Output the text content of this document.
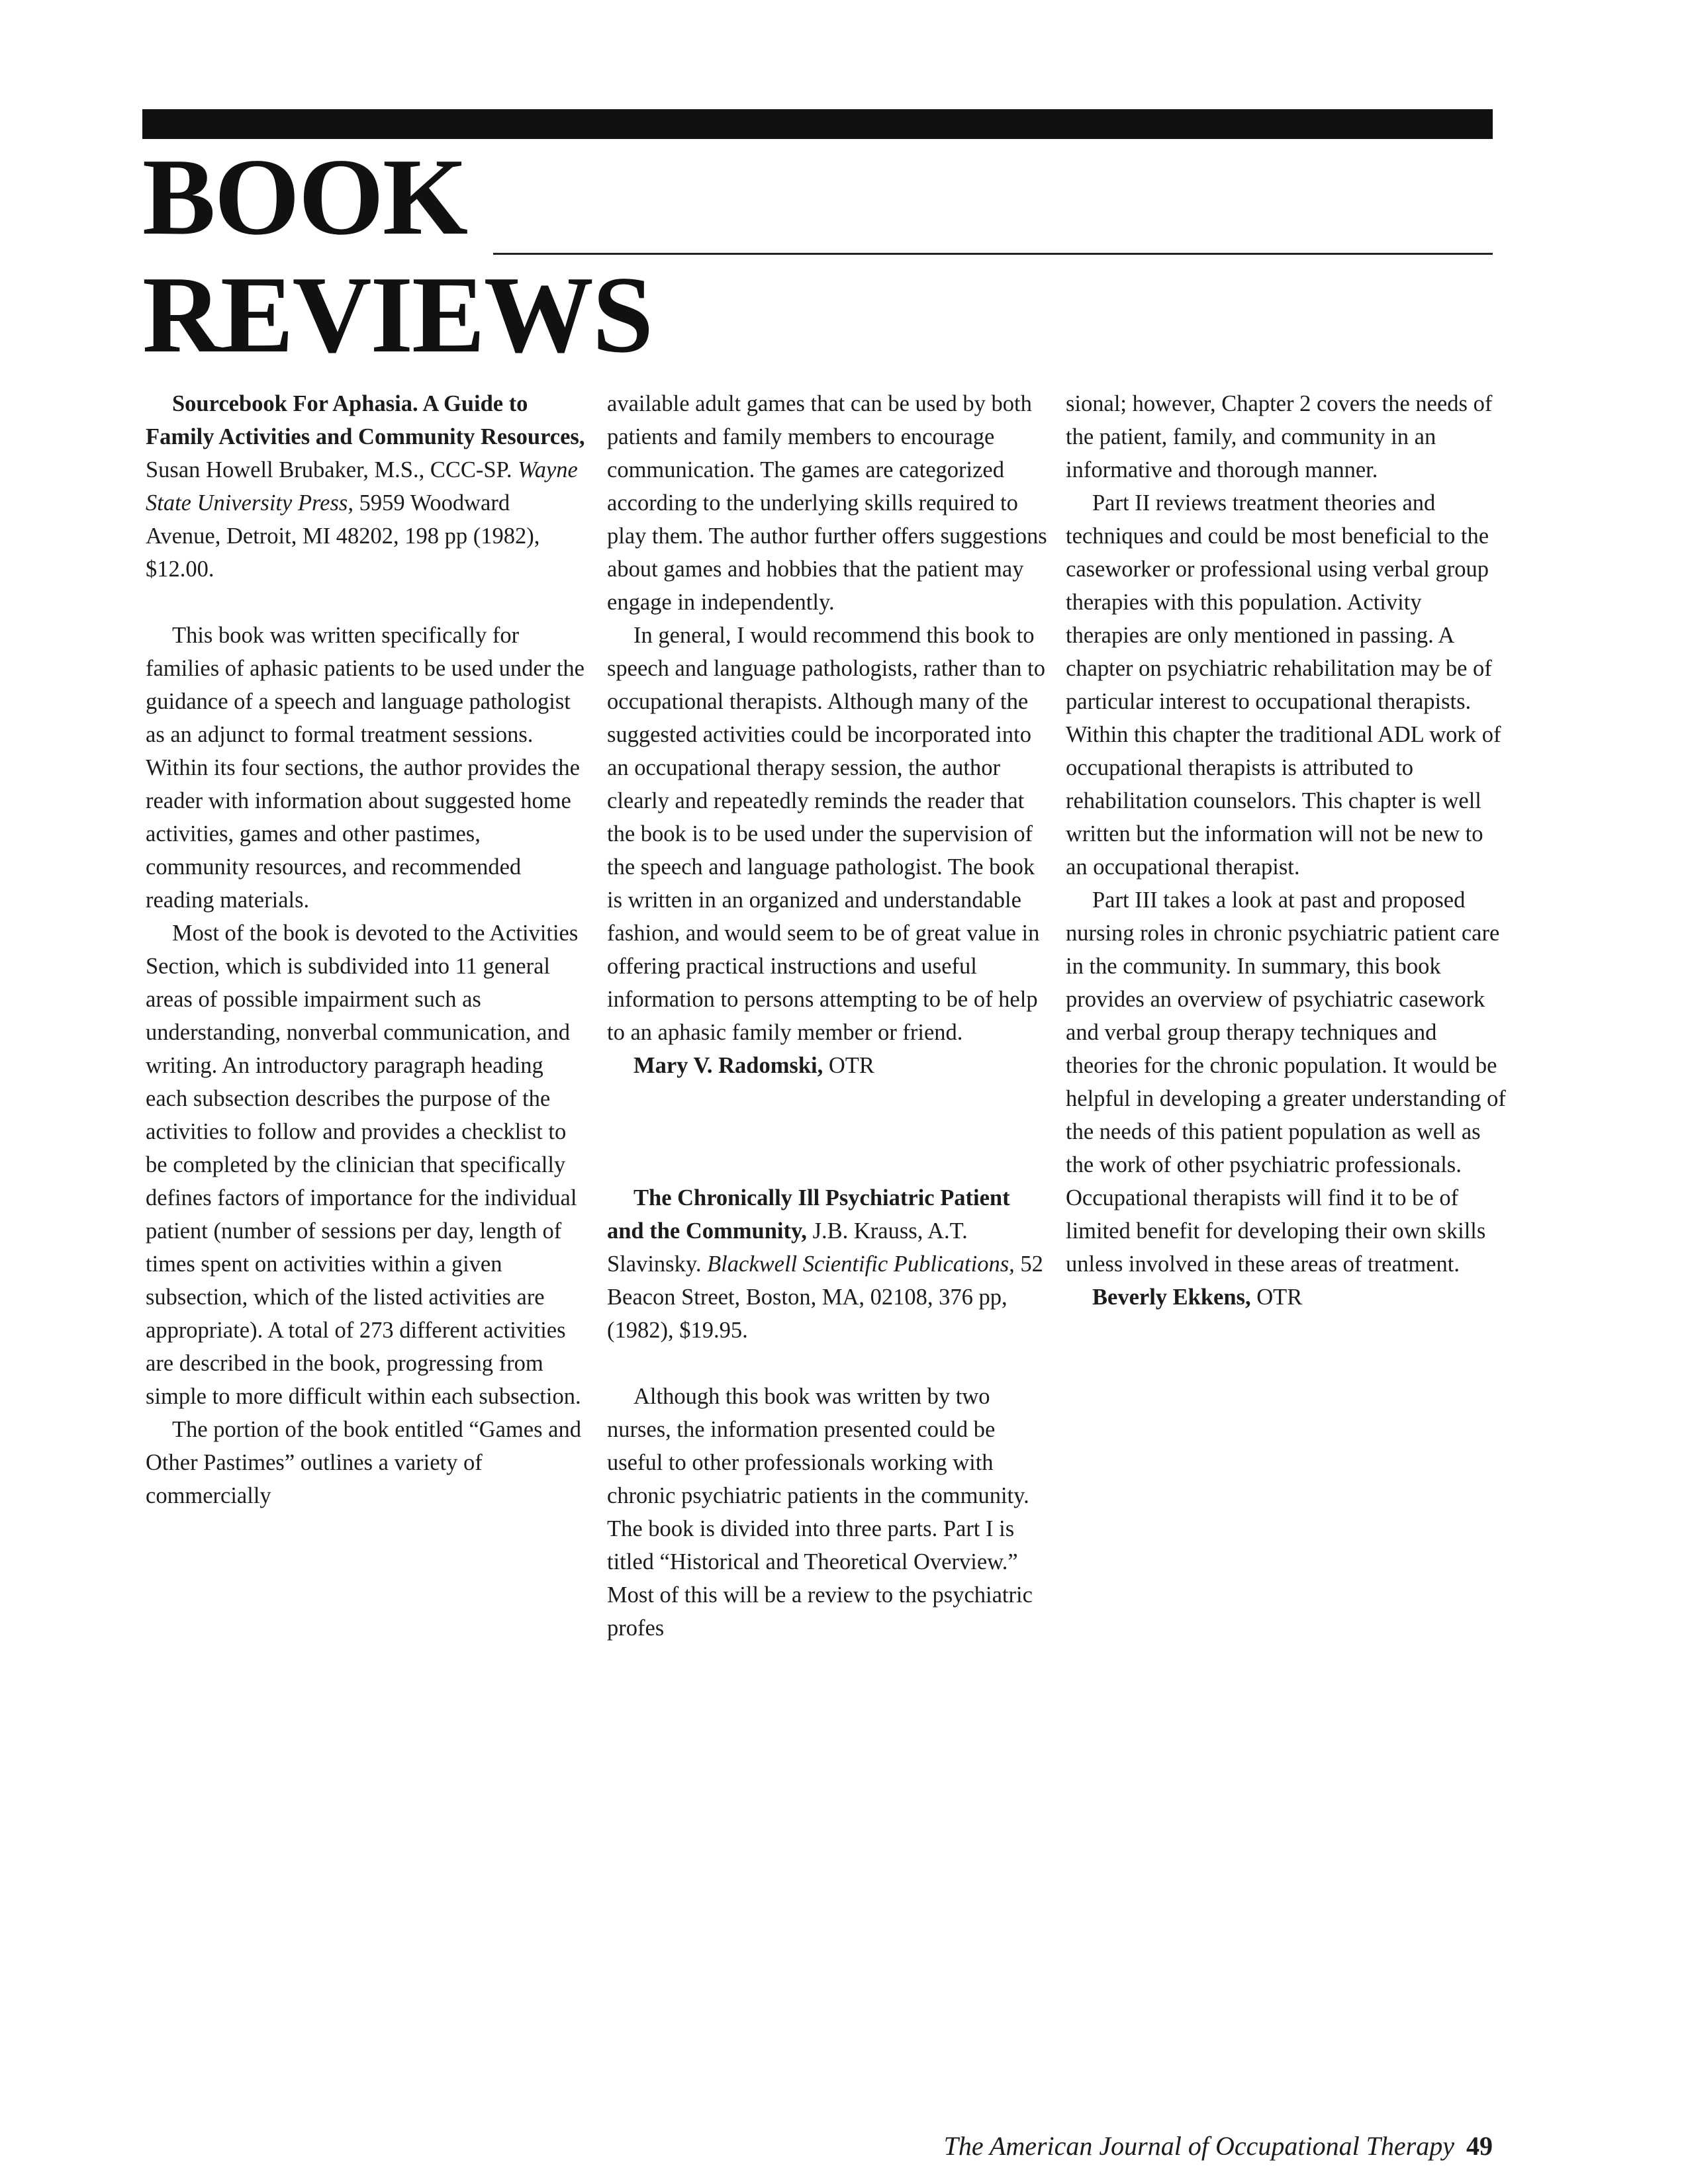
BOOK
REVIEWS

Sourcebook For Aphasia. A Guide to Family Activities and Community Resources, Susan Howell Brubaker, M.S., CCC-SP. Wayne State University Press, 5959 Woodward Avenue, Detroit, MI 48202, 198 pp (1982), $12.00.

This book was written specifically for families of aphasic patients to be used under the guidance of a speech and language pathologist as an adjunct to formal treatment sessions. Within its four sections, the author provides the reader with information about suggested home activities, games and other pastimes, community resources, and recommended reading materials.

Most of the book is devoted to the Activities Section, which is subdivided into 11 general areas of possible impairment such as understanding, nonverbal communication, and writing. An introductory paragraph heading each subsection describes the purpose of the activities to follow and provides a checklist to be completed by the clinician that specifically defines factors of importance for the individual patient (number of sessions per day, length of times spent on activities within a given subsection, which of the listed activities are appropriate). A total of 273 different activities are described in the book, progressing from simple to more difficult within each subsection.

The portion of the book entitled “Games and Other Pastimes” outlines a variety of commercially

available adult games that can be used by both patients and family members to encourage communication. The games are categorized according to the underlying skills required to play them. The author further offers suggestions about games and hobbies that the patient may engage in independently.

In general, I would recommend this book to speech and language pathologists, rather than to occupational therapists. Although many of the suggested activities could be incorporated into an occupational therapy session, the author clearly and repeatedly reminds the reader that the book is to be used under the supervision of the speech and language pathologist. The book is written in an organized and understandable fashion, and would seem to be of great value in offering practical instructions and useful information to persons attempting to be of help to an aphasic family member or friend.

Mary V. Radomski, OTR

The Chronically Ill Psychiatric Patient and the Community, J.B. Krauss, A.T. Slavinsky. Blackwell Scientific Publications, 52 Beacon Street, Boston, MA, 02108, 376 pp, (1982), $19.95.

Although this book was written by two nurses, the information presented could be useful to other professionals working with chronic psychiatric patients in the community. The book is divided into three parts. Part I is titled “Historical and Theoretical Overview.” Most of this will be a review to the psychiatric profes

sional; however, Chapter 2 covers the needs of the patient, family, and community in an informative and thorough manner.

Part II reviews treatment theories and techniques and could be most beneficial to the caseworker or professional using verbal group therapies with this population. Activity therapies are only mentioned in passing. A chapter on psychiatric rehabilitation may be of particular interest to occupational therapists. Within this chapter the traditional ADL work of occupational therapists is attributed to rehabilitation counselors. This chapter is well written but the information will not be new to an occupational therapist.

Part III takes a look at past and proposed nursing roles in chronic psychiatric patient care in the community. In summary, this book provides an overview of psychiatric casework and verbal group therapy techniques and theories for the chronic population. It would be helpful in developing a greater understanding of the needs of this patient population as well as the work of other psychiatric professionals. Occupational therapists will find it to be of limited benefit for developing their own skills unless involved in these areas of treatment.

Beverly Ekkens, OTR

The American Journal of Occupational Therapy 49
